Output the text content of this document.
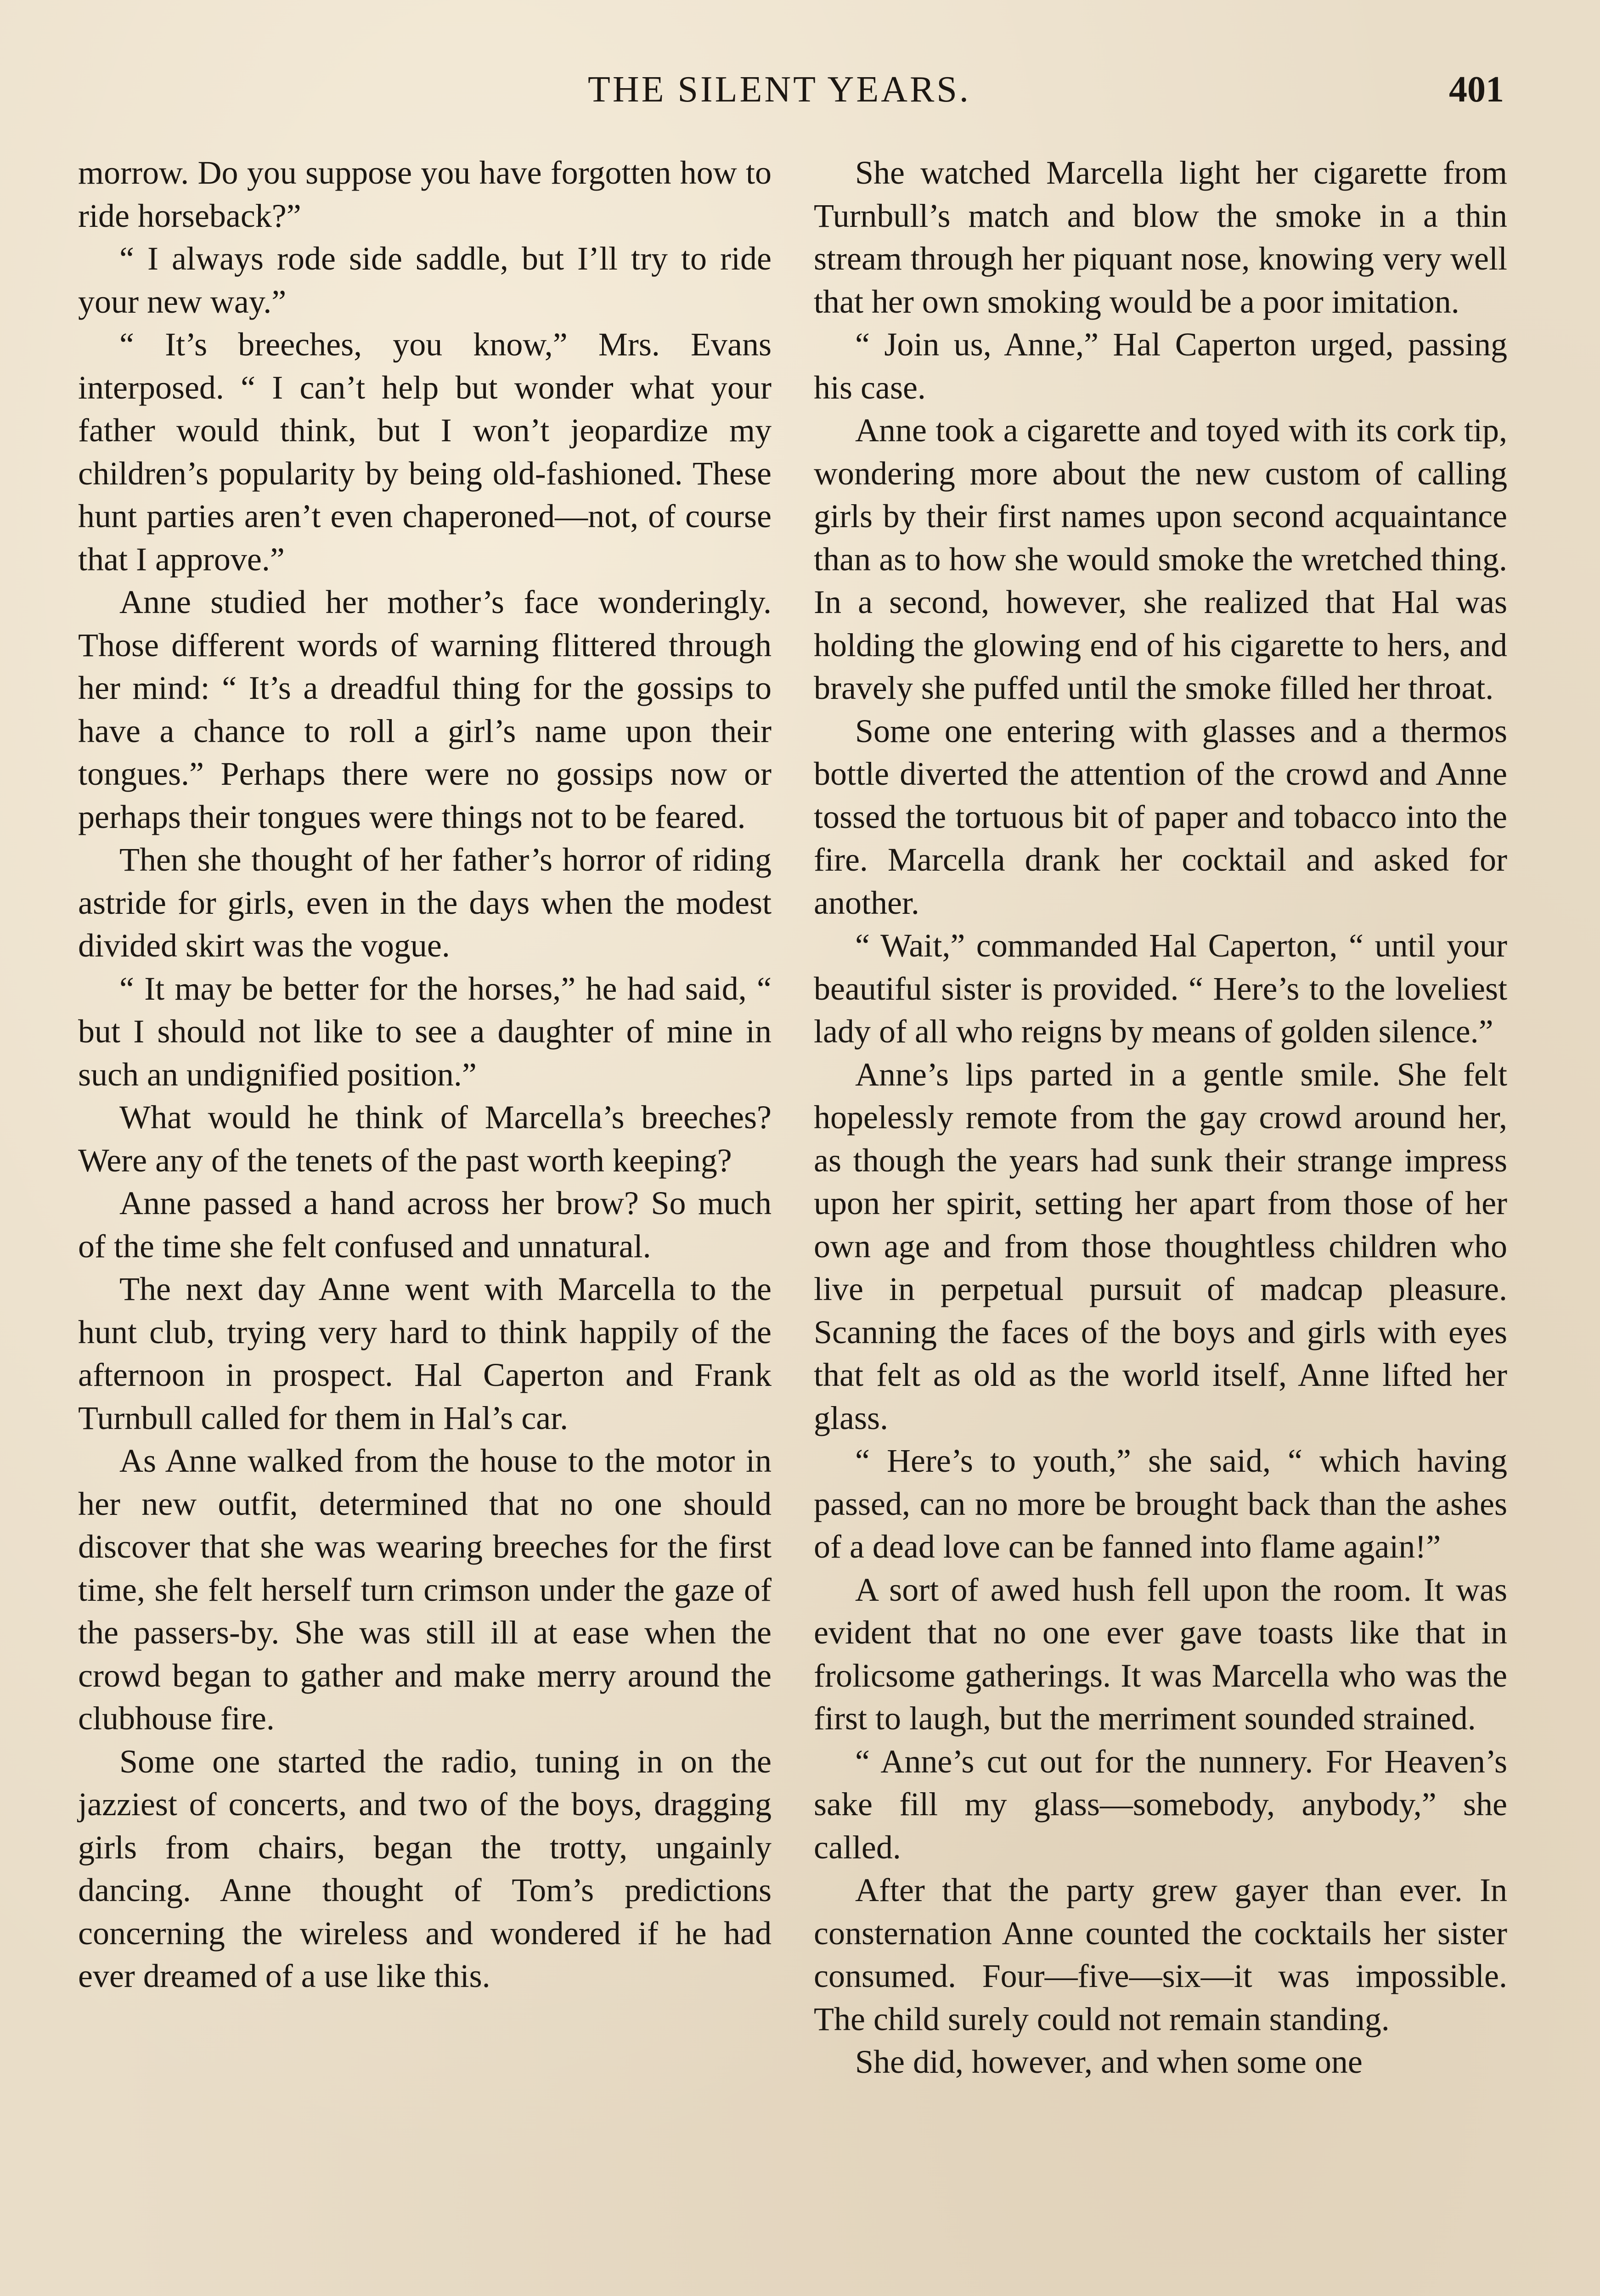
THE SILENT YEARS.	401

morrow. Do you suppose you have forgotten how to ride horseback?”

“ I always rode side saddle, but I’ll try to ride your new way.”

“ It’s breeches, you know,” Mrs. Evans interposed. “ I can’t help but wonder what your father would think, but I won’t jeopardize my children’s popularity by being old-fashioned. These hunt parties aren’t even chaperoned—not, of course that I approve.”

Anne studied her mother’s face wonderingly. Those different words of warning flittered through her mind: “ It’s a dreadful thing for the gossips to have a chance to roll a girl’s name upon their tongues.” Perhaps there were no gossips now or perhaps their tongues were things not to be feared.

Then she thought of her father’s horror of riding astride for girls, even in the days when the modest divided skirt was the vogue.

“ It may be better for the horses,” he had said, “ but I should not like to see a daughter of mine in such an undignified position.”

What would he think of Marcella’s breeches? Were any of the tenets of the past worth keeping?

Anne passed a hand across her brow? So much of the time she felt confused and unnatural.

The next day Anne went with Marcella to the hunt club, trying very hard to think happily of the afternoon in prospect. Hal Caperton and Frank Turnbull called for them in Hal’s car.

As Anne walked from the house to the motor in her new outfit, determined that no one should discover that she was wearing breeches for the first time, she felt herself turn crimson under the gaze of the passers-by. She was still ill at ease when the crowd began to gather and make merry around the clubhouse fire.

Some one started the radio, tuning in on the jazziest of concerts, and two of the boys, dragging girls from chairs, began the trotty, ungainly dancing. Anne thought of Tom’s predictions concerning the wireless and wondered if he had ever dreamed of a use like this.

She watched Marcella light her cigarette from Turnbull’s match and blow the smoke in a thin stream through her piquant nose, knowing very well that her own smoking would be a poor imitation.

“ Join us, Anne,” Hal Caperton urged, passing his case.

Anne took a cigarette and toyed with its cork tip, wondering more about the new custom of calling girls by their first names upon second acquaintance than as to how she would smoke the wretched thing. In a second, however, she realized that Hal was holding the glowing end of his cigarette to hers, and bravely she puffed until the smoke filled her throat.

Some one entering with glasses and a thermos bottle diverted the attention of the crowd and Anne tossed the tortuous bit of paper and tobacco into the fire. Marcella drank her cocktail and asked for another.

“ Wait,” commanded Hal Caperton, “ until your beautiful sister is provided. “ Here’s to the loveliest lady of all who reigns by means of golden silence.”

Anne’s lips parted in a gentle smile. She felt hopelessly remote from the gay crowd around her, as though the years had sunk their strange impress upon her spirit, setting her apart from those of her own age and from those thoughtless children who live in perpetual pursuit of madcap pleasure. Scanning the faces of the boys and girls with eyes that felt as old as the world itself, Anne lifted her glass.

“ Here’s to youth,” she said, “ which having passed, can no more be brought back than the ashes of a dead love can be fanned into flame again!”

A sort of awed hush fell upon the room. It was evident that no one ever gave toasts like that in frolicsome gatherings. It was Marcella who was the first to laugh, but the merriment sounded strained.

“ Anne’s cut out for the nunnery. For Heaven’s sake fill my glass—somebody, anybody,” she called.

After that the party grew gayer than ever. In consternation Anne counted the cocktails her sister consumed. Four—five—six—it was impossible. The child surely could not remain standing.

She did, however, and when some one
